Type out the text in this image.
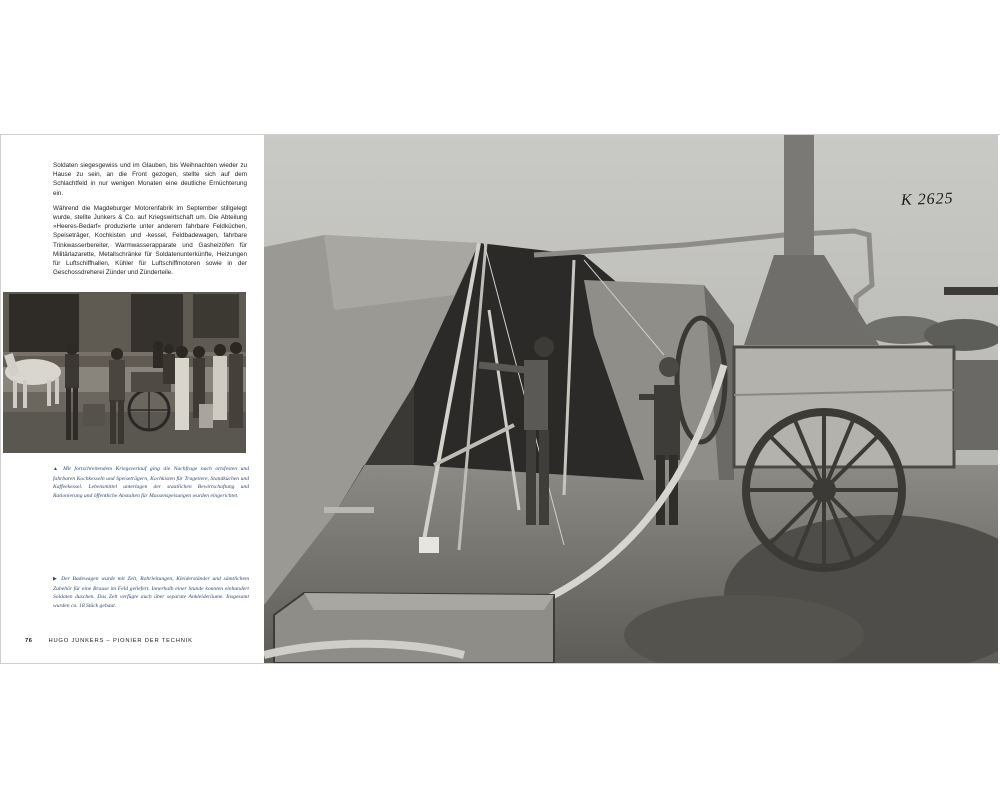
Soldaten siegesgewiss und im Glauben, bis Weihnachten wieder zu Hause zu sein, an die Front gezogen, stellte sich auf dem Schlachtfeld in nur wenigen Monaten eine deutliche Ernüchterung ein.

Während die Magdeburger Motorenfabrik im September stillgelegt wurde, stellte Junkers & Co. auf Kriegswirtschaft um. Die Abteilung »Heeres-Bedarf« produzierte unter anderem fahrbare Feldküchen, Speiseträger, Kochkisten und -kessel, Feldbadewagen, fahrbare Trinkwasserbereiter, Warmwasserapparate und Gasheizöfen für Militärlazarette, Metallschränke für Soldatenunterkünfte, Heizungen für Luftschiffhallen, Kühler für Luftschiffmotoren sowie in der Geschossdreherei Zünder und Zünderteile.

▲ Mit fortschreitendem Kriegsverlauf ging die Nachfrage nach ortsfesten und fahrbaren Kochkesseln und Speiseträgern, Kochkisten für Tragetiere, Standküchen und Kaffeekessel. Lebensmittel unterlagen der staatlichen Bewirtschaftung und Rationierung und öffentliche Anstalten für Massenspeisungen wurden eingerichtet.
▶ Der Badewagen wurde mit Zelt, Rohrleitungen, Kleiderständer und sämtlichem Zubehör für eine Brause im Feld geliefert. Innerhalb einer Stunde konnten einhundert Soldaten duschen. Das Zelt verfügte auch über separate Ankleideräume. Insgesamt wurden ca. 18 Stück gebaut.
76	HUGO JUNKERS – PIONIER DER TECHNIK
K 2625
